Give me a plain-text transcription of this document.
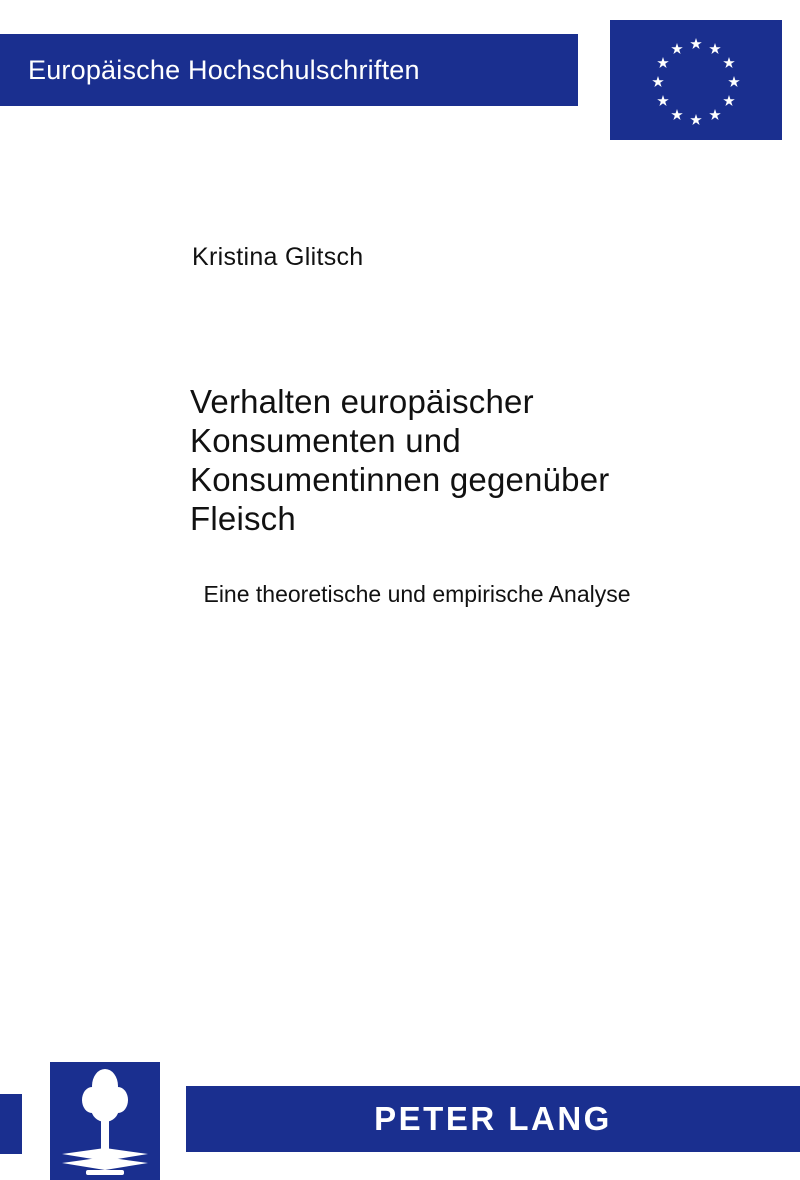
Europäische Hochschulschriften
Kristina Glitsch
Verhalten europäischer Konsumenten und Konsumentinnen gegenüber Fleisch
Eine theoretische und empirische Analyse
PETER LANG
